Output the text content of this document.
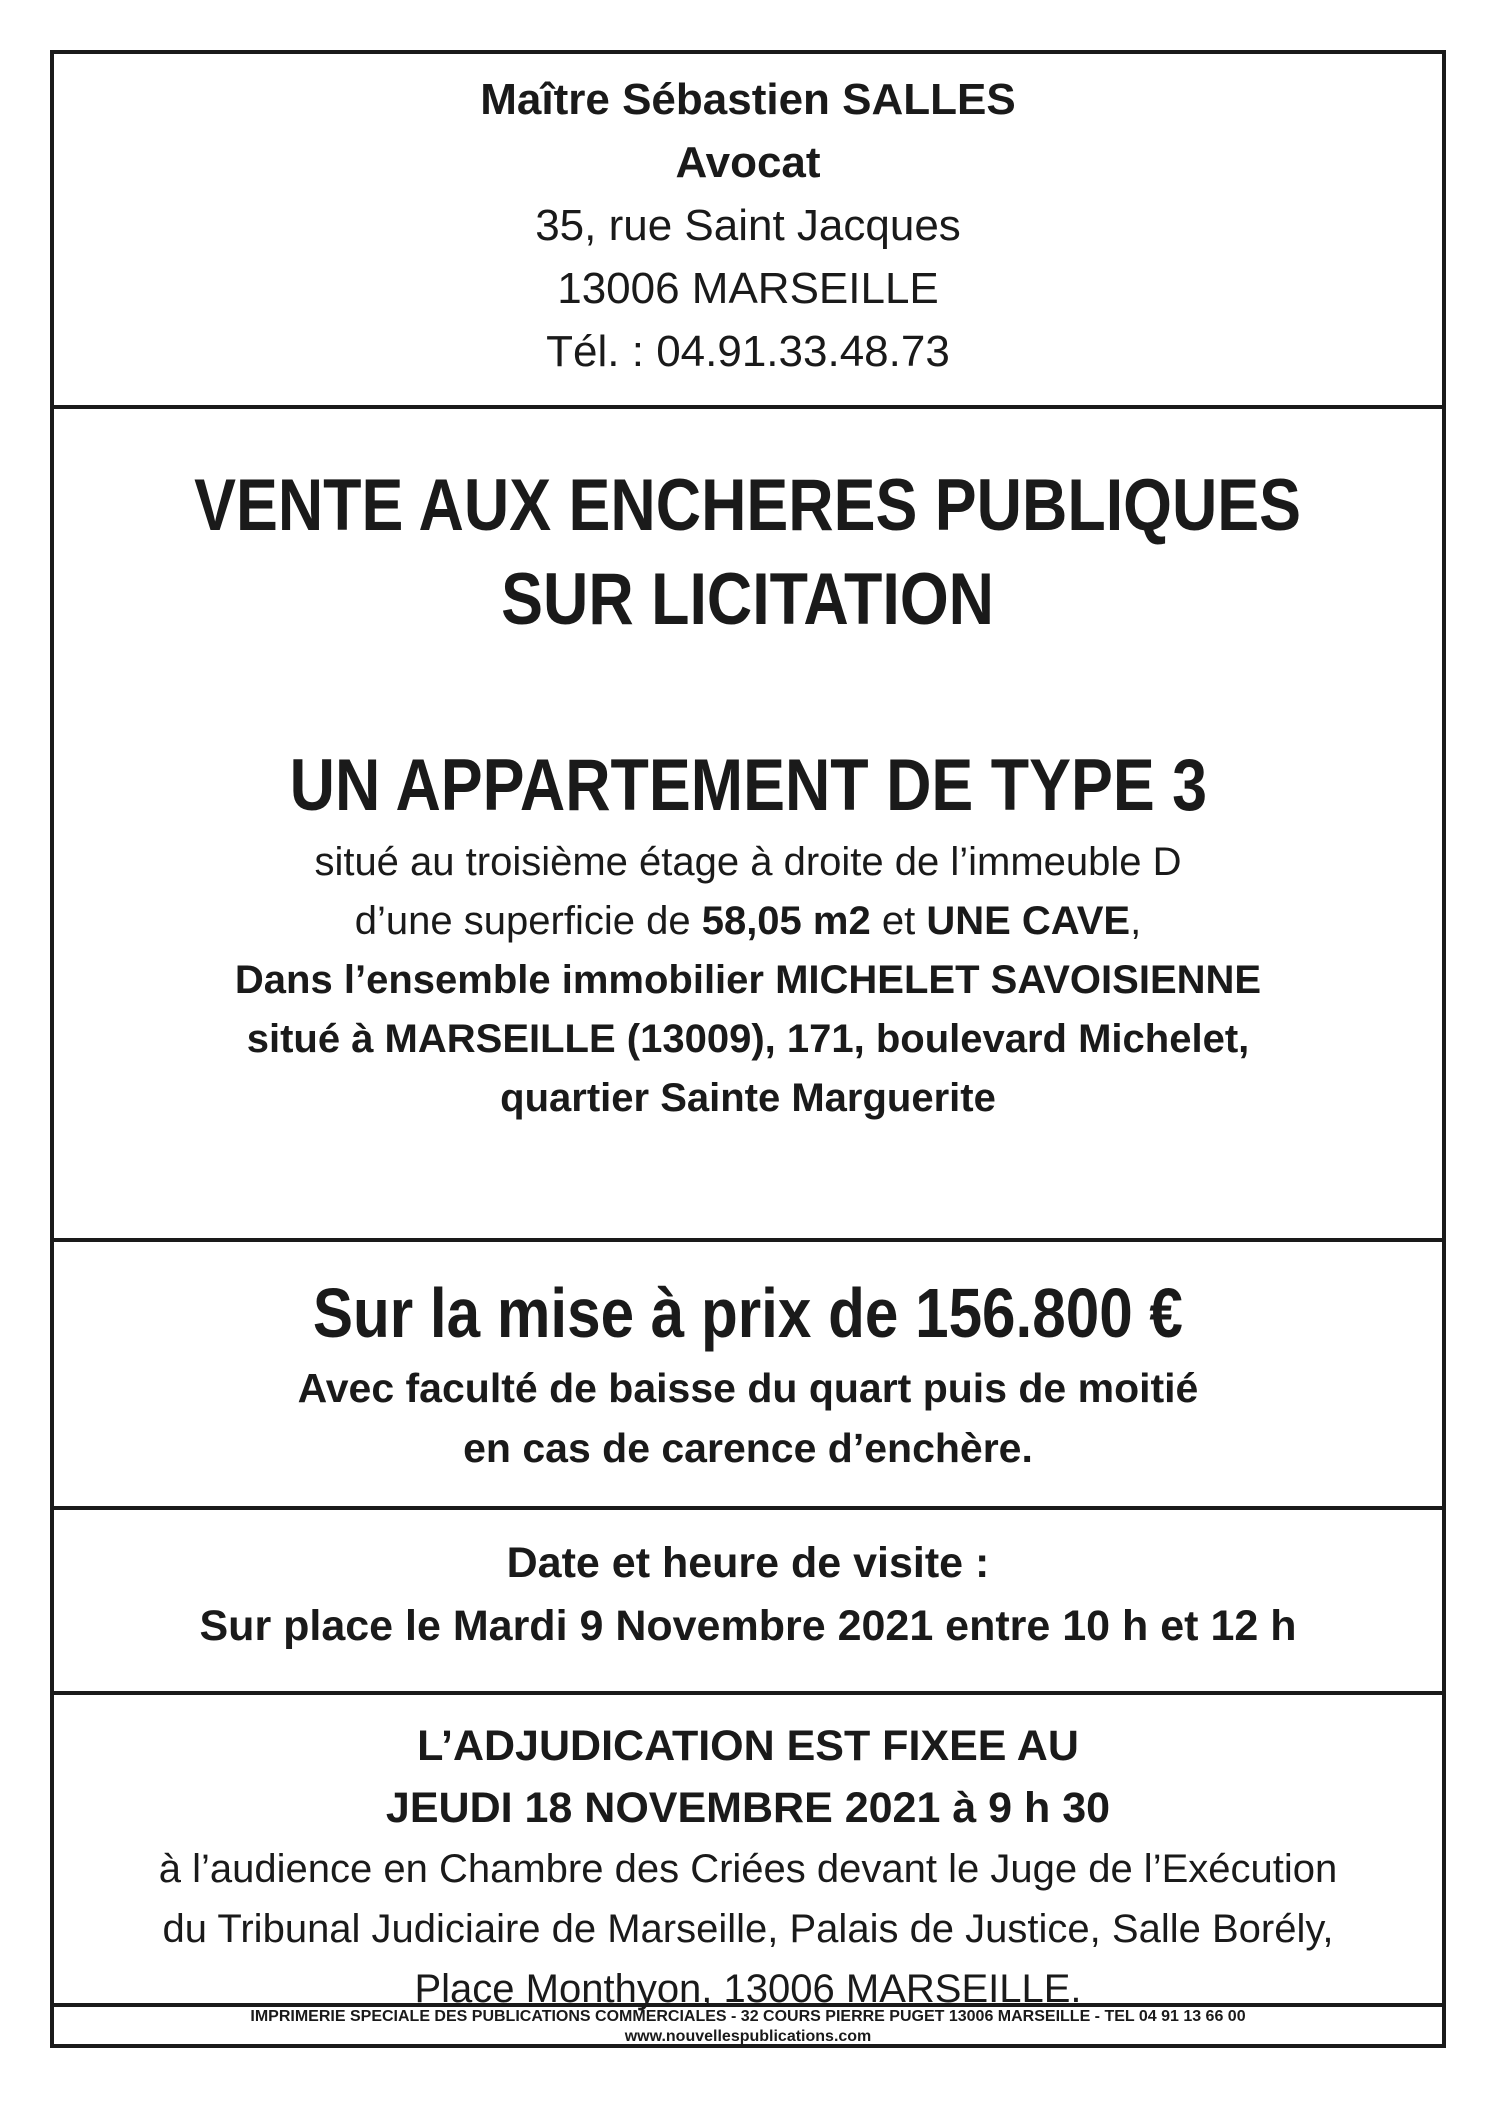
Maître Sébastien SALLES
Avocat
35, rue Saint Jacques
13006 MARSEILLE
Tél. : 04.91.33.48.73
VENTE AUX ENCHERES PUBLIQUES
SUR LICITATION
UN APPARTEMENT DE TYPE 3
situé au troisième étage à droite de l’immeuble D
d’une superficie de 58,05 m2 et UNE CAVE,
Dans l’ensemble immobilier MICHELET SAVOISIENNE
situé à MARSEILLE (13009), 171, boulevard Michelet,
quartier Sainte Marguerite
Sur la mise à prix de 156.800 €
Avec faculté de baisse du quart puis de moitié
en cas de carence d’enchère.
Date et heure de visite :
Sur place le Mardi 9 Novembre 2021 entre 10 h et 12 h
L’ADJUDICATION EST FIXEE AU
JEUDI 18 NOVEMBRE 2021 à 9 h 30
à l’audience en Chambre des Criées devant le Juge de l’Exécution
du Tribunal Judiciaire de Marseille, Palais de Justice, Salle Borély,
Place Monthyon, 13006 MARSEILLE.
IMPRIMERIE SPECIALE DES PUBLICATIONS COMMERCIALES - 32 COURS PIERRE PUGET 13006 MARSEILLE - TEL 04 91 13 66 00
www.nouvellespublications.com
